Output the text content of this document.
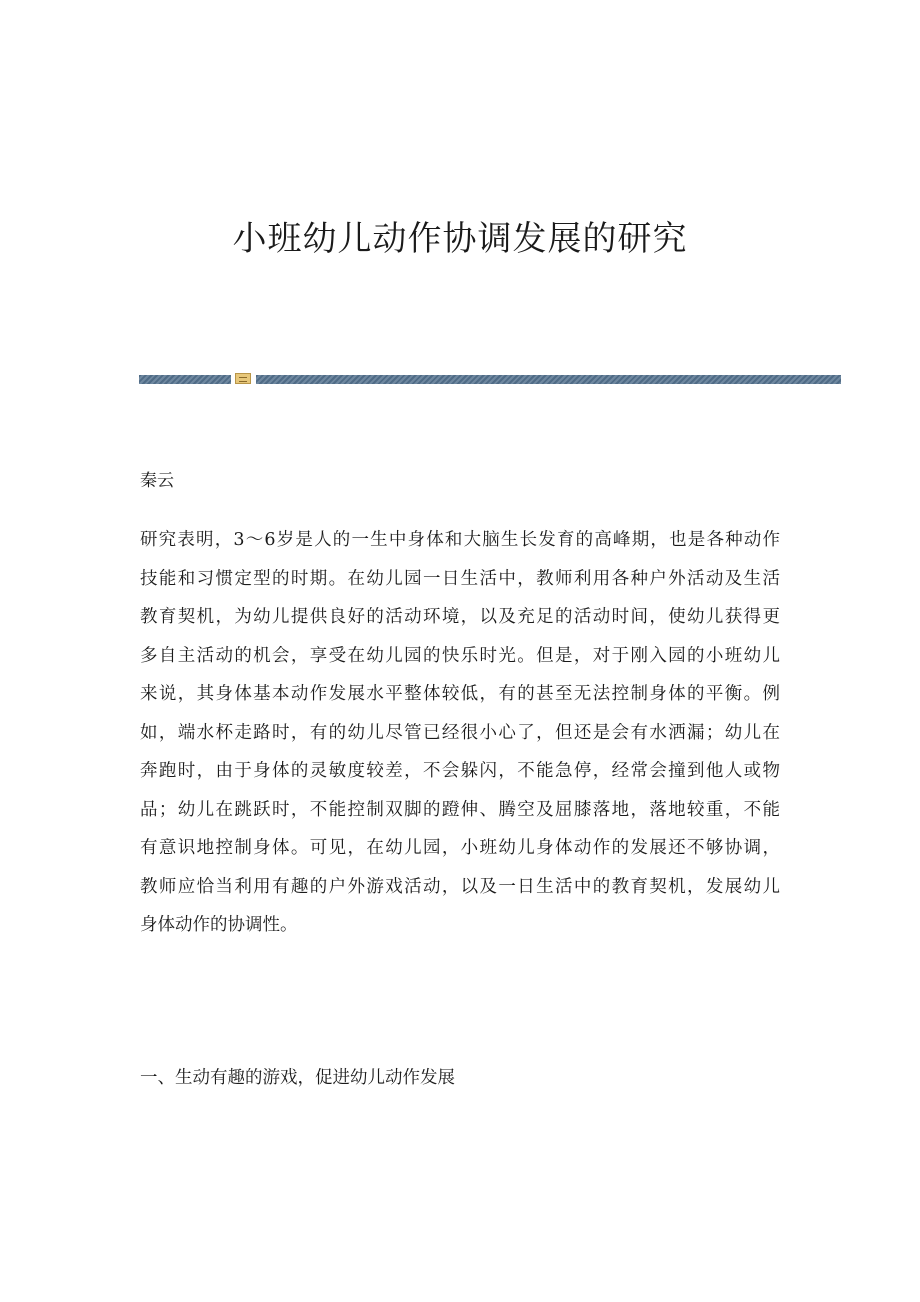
小班幼儿动作协调发展的研究

秦云

研究表明，3～6岁是人的一生中身体和大脑生长发育的高峰期，也是各种动作
技能和习惯定型的时期。在幼儿园一日生活中，教师利用各种户外活动及生活
教育契机，为幼儿提供良好的活动环境，以及充足的活动时间，使幼儿获得更
多自主活动的机会，享受在幼儿园的快乐时光。但是，对于刚入园的小班幼儿
来说，其身体基本动作发展水平整体较低，有的甚至无法控制身体的平衡。例
如，端水杯走路时，有的幼儿尽管已经很小心了，但还是会有水洒漏；幼儿在
奔跑时，由于身体的灵敏度较差，不会躲闪，不能急停，经常会撞到他人或物
品；幼儿在跳跃时，不能控制双脚的蹬伸、腾空及屈膝落地，落地较重，不能
有意识地控制身体。可见，在幼儿园，小班幼儿身体动作的发展还不够协调，
教师应恰当利用有趣的户外游戏活动，以及一日生活中的教育契机，发展幼儿
身体动作的协调性。
一、生动有趣的游戏，促进幼儿动作发展
